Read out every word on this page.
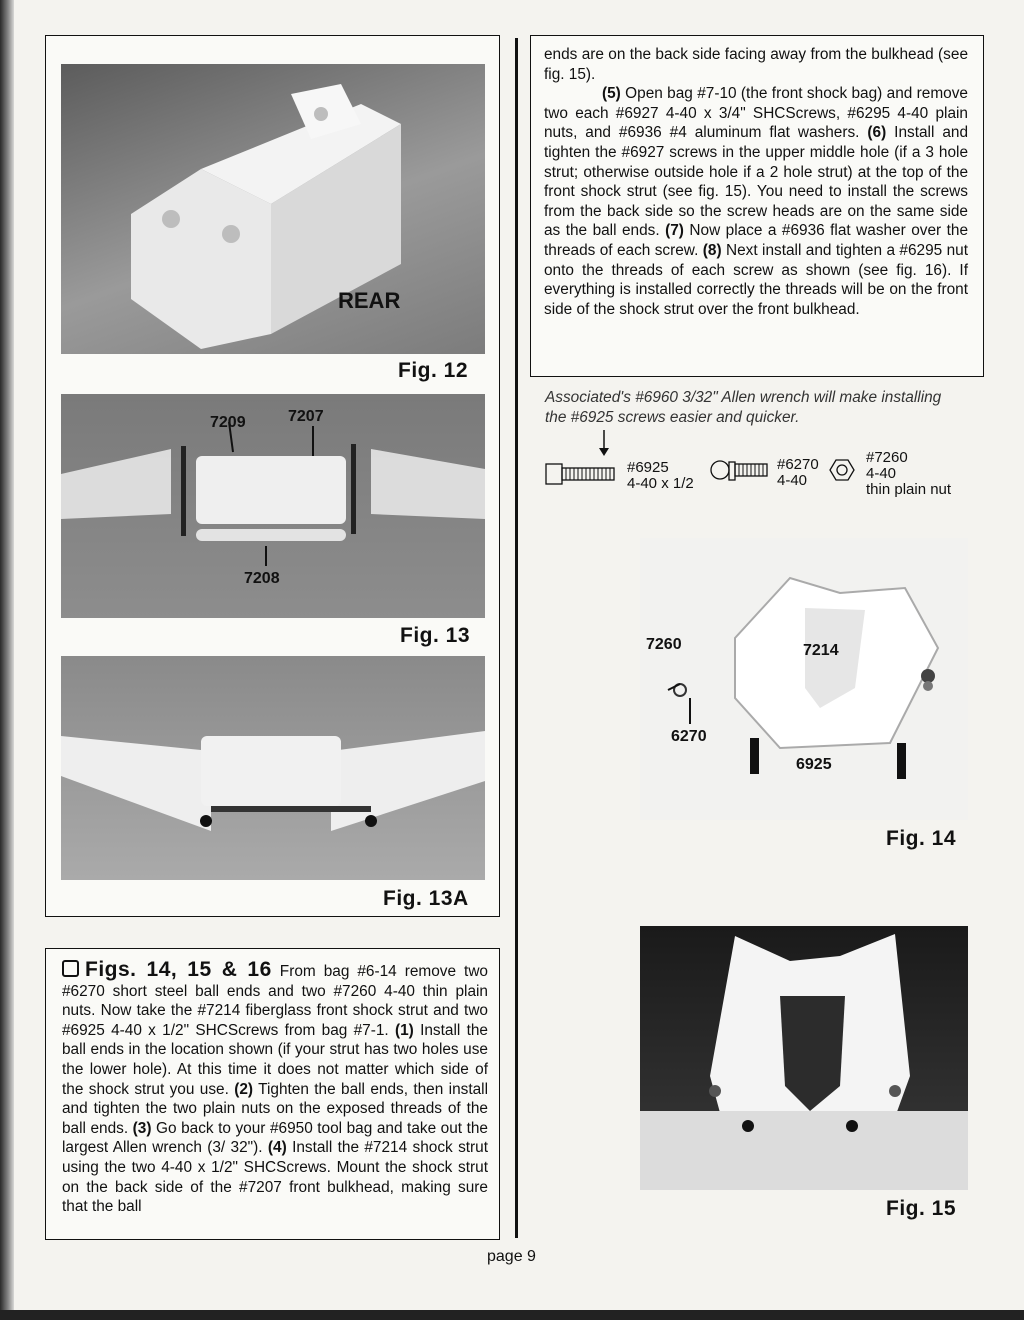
REAR
Fig. 12
7209	7207
7208
Fig. 13
Fig. 13A

Figs. 14, 15 & 16 From bag #6-14 remove two #6270 short steel ball ends and two #7260 4-40 thin plain nuts. Now take the #7214 fiberglass front shock strut and two #6925 4-40 x 1/2" SHCScrews from bag #7-1. (1) Install the ball ends in the location shown (if your strut has two holes use the lower hole). At this time it does not matter which side of the shock strut you use. (2) Tighten the ball ends, then install and tighten the two plain nuts on the exposed threads of the ball ends. (3) Go back to your #6950 tool bag and take out the largest Allen wrench (3/ 32"). (4) Install the #7214 shock strut using the two 4-40 x 1/2" SHCScrews. Mount the shock strut on the back side of the #7207 front bulkhead, making sure that the ball

ends are on the back side facing away from the bulkhead (see fig. 15).

(5) Open bag #7-10 (the front shock bag) and remove two each #6927 4-40 x 3/4" SHCScrews, #6295 4-40 plain nuts, and #6936 #4 aluminum flat washers. (6) Install and tighten the #6927 screws in the upper middle hole (if a 3 hole strut; otherwise outside hole if a 2 hole strut) at the top of the front shock strut (see fig. 15). You need to install the screws from the back side so the screw heads are on the same side as the ball ends. (7) Now place a #6936 flat washer over the threads of each screw. (8) Next install and tighten a #6295 nut onto the threads of each screw as shown (see fig. 16). If everything is installed correctly the threads will be on the front side of the shock strut over the front bulkhead.

Associated's #6960 3/32" Allen wrench will make installing the #6925 screws easier and quicker.
#6925
4-40 x 1/2
#6270
4-40
#7260
4-40
thin plain nut
7260	7214
6270
6925
Fig. 14
Fig. 15
page 9
